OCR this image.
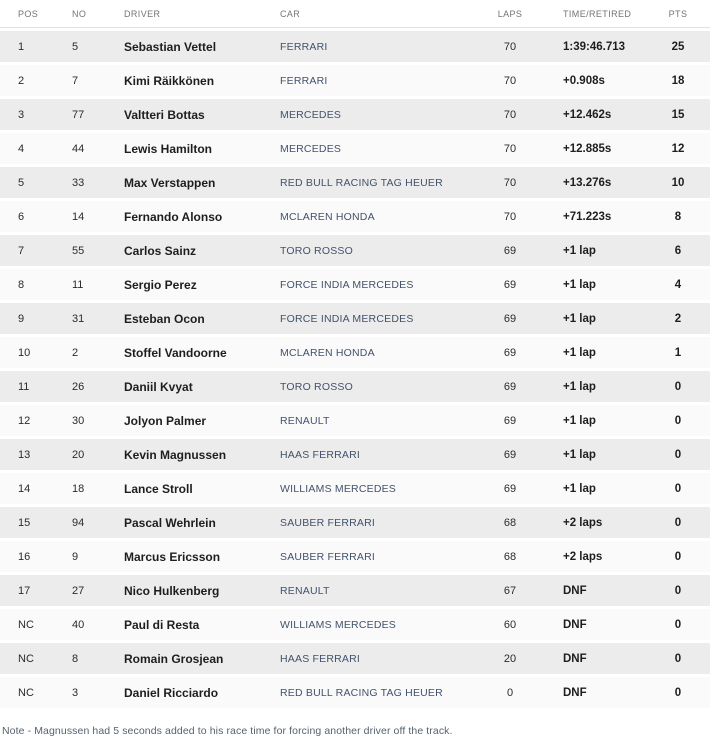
POS	NO	DRIVER	CAR	LAPS	TIME/RETIRED	PTS
1	5	Sebastian Vettel	FERRARI	70	1:39:46.713	25
2	7	Kimi Räikkönen	FERRARI	70	+0.908s	18
3	77	Valtteri Bottas	MERCEDES	70	+12.462s	15
4	44	Lewis Hamilton	MERCEDES	70	+12.885s	12
5	33	Max Verstappen	RED BULL RACING TAG HEUER	70	+13.276s	10
6	14	Fernando Alonso	MCLAREN HONDA	70	+71.223s	8
7	55	Carlos Sainz	TORO ROSSO	69	+1 lap	6
8	11	Sergio Perez	FORCE INDIA MERCEDES	69	+1 lap	4
9	31	Esteban Ocon	FORCE INDIA MERCEDES	69	+1 lap	2
10	2	Stoffel Vandoorne	MCLAREN HONDA	69	+1 lap	1
11	26	Daniil Kvyat	TORO ROSSO	69	+1 lap	0
12	30	Jolyon Palmer	RENAULT	69	+1 lap	0
13	20	Kevin Magnussen	HAAS FERRARI	69	+1 lap	0
14	18	Lance Stroll	WILLIAMS MERCEDES	69	+1 lap	0
15	94	Pascal Wehrlein	SAUBER FERRARI	68	+2 laps	0
16	9	Marcus Ericsson	SAUBER FERRARI	68	+2 laps	0
17	27	Nico Hulkenberg	RENAULT	67	DNF	0
NC	40	Paul di Resta	WILLIAMS MERCEDES	60	DNF	0
NC	8	Romain Grosjean	HAAS FERRARI	20	DNF	0
NC	3	Daniel Ricciardo	RED BULL RACING TAG HEUER	0	DNF	0
Note - Magnussen had 5 seconds added to his race time for forcing another driver off the track.
